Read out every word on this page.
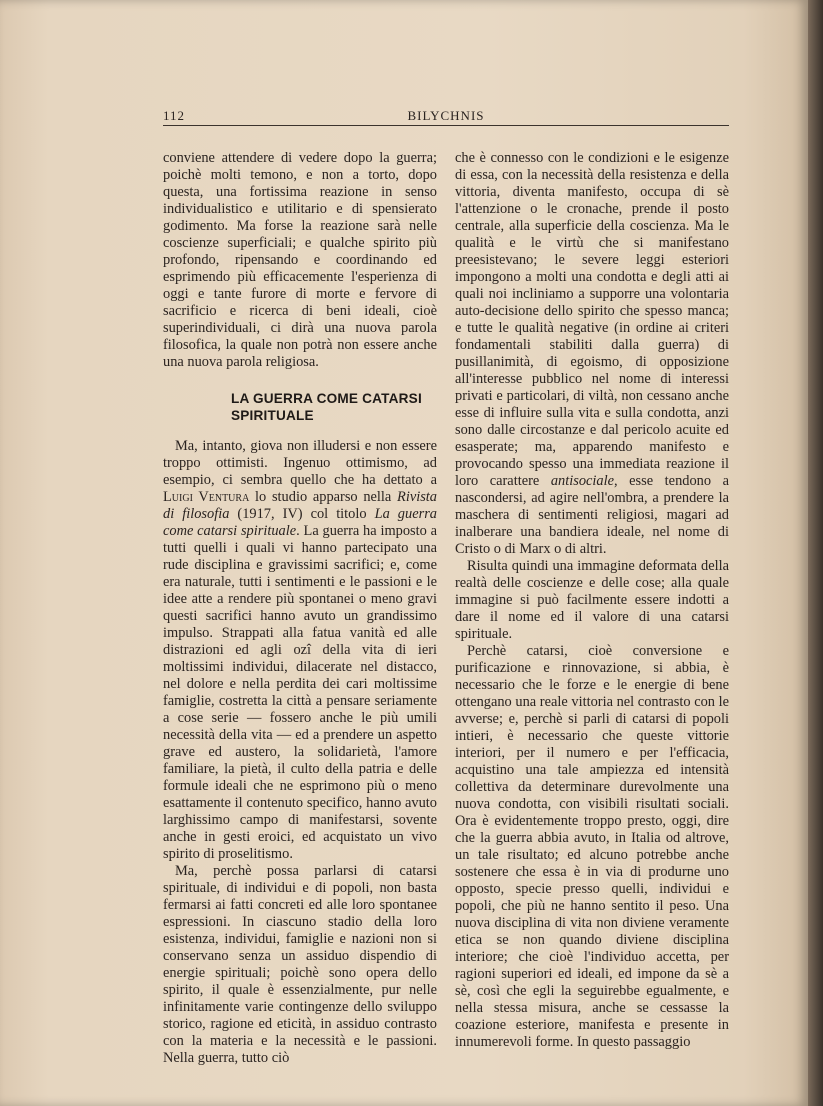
112	BILYCHNIS

conviene attendere di vedere dopo la guerra; poichè molti temono, e non a torto, dopo questa, una fortissima reazione in senso individualistico e utilitario e di spensierato godimento. Ma forse la reazione sarà nelle coscienze superficiali; e qualche spirito più profondo, ripensando e coordinando ed esprimendo più efficacemente l'esperienza di oggi e tante furore di morte e fervore di sacrificio e ricerca di beni ideali, cioè superindividuali, ci dirà una nuova parola filosofica, la quale non potrà non essere anche una nuova parola religiosa.

LA GUERRA COME CATARSI SPIRITUALE

Ma, intanto, giova non illudersi e non essere troppo ottimisti. Ingenuo ottimismo, ad esempio, ci sembra quello che ha dettato a Luigi Ventura lo studio apparso nella Rivista di filosofia (1917, IV) col titolo La guerra come catarsi spirituale. La guerra ha imposto a tutti quelli i quali vi hanno partecipato una rude disciplina e gravissimi sacrifici; e, come era naturale, tutti i sentimenti e le passioni e le idee atte a rendere più spontanei o meno gravi questi sacrifici hanno avuto un grandissimo impulso. Strappati alla fatua vanità ed alle distrazioni ed agli ozî della vita di ieri moltissimi individui, dilacerate nel distacco, nel dolore e nella perdita dei cari moltissime famiglie, costretta la città a pensare seriamente a cose serie — fossero anche le più umili necessità della vita — ed a prendere un aspetto grave ed austero, la solidarietà, l'amore familiare, la pietà, il culto della patria e delle formule ideali che ne esprimono più o meno esattamente il contenuto specifico, hanno avuto larghissimo campo di manifestarsi, sovente anche in gesti eroici, ed acquistato un vivo spirito di proselitismo.

Ma, perchè possa parlarsi di catarsi spirituale, di individui e di popoli, non basta fermarsi ai fatti concreti ed alle loro spontanee espressioni. In ciascuno stadio della loro esistenza, individui, famiglie e nazioni non si conservano senza un assiduo dispendio di energie spirituali; poichè sono opera dello spirito, il quale è essenzialmente, pur nelle infinitamente varie contingenze dello sviluppo storico, ragione ed eticità, in assiduo contrasto con la materia e la necessità e le passioni. Nella guerra, tutto ciò

che è connesso con le condizioni e le esigenze di essa, con la necessità della resistenza e della vittoria, diventa manifesto, occupa di sè l'attenzione o le cronache, prende il posto centrale, alla superficie della coscienza. Ma le qualità e le virtù che si manifestano preesistevano; le severe leggi esteriori impongono a molti una condotta e degli atti ai quali noi incliniamo a supporre una volontaria auto-decisione dello spirito che spesso manca; e tutte le qualità negative (in ordine ai criteri fondamentali stabiliti dalla guerra) di pusillanimità, di egoismo, di opposizione all'interesse pubblico nel nome di interessi privati e particolari, di viltà, non cessano anche esse di influire sulla vita e sulla condotta, anzi sono dalle circostanze e dal pericolo acuite ed esasperate; ma, apparendo manifesto e provocando spesso una immediata reazione il loro carattere antisociale, esse tendono a nascondersi, ad agire nell'ombra, a prendere la maschera di sentimenti religiosi, magari ad inalberare una bandiera ideale, nel nome di Cristo o di Marx o di altri.

Risulta quindi una immagine deformata della realtà delle coscienze e delle cose; alla quale immagine si può facilmente essere indotti a dare il nome ed il valore di una catarsi spirituale.

Perchè catarsi, cioè conversione e purificazione e rinnovazione, si abbia, è necessario che le forze e le energie di bene ottengano una reale vittoria nel contrasto con le avverse; e, perchè si parli di catarsi di popoli intieri, è necessario che queste vittorie interiori, per il numero e per l'efficacia, acquistino una tale ampiezza ed intensità collettiva da determinare durevolmente una nuova condotta, con visibili risultati sociali. Ora è evidentemente troppo presto, oggi, dire che la guerra abbia avuto, in Italia od altrove, un tale risultato; ed alcuno potrebbe anche sostenere che essa è in via di produrne uno opposto, specie presso quelli, individui e popoli, che più ne hanno sentito il peso. Una nuova disciplina di vita non diviene veramente etica se non quando diviene disciplina interiore; che cioè l'individuo accetta, per ragioni superiori ed ideali, ed impone da sè a sè, così che egli la seguirebbe egualmente, e nella stessa misura, anche se cessasse la coazione esteriore, manifesta e presente in innumerevoli forme. In questo passaggio
